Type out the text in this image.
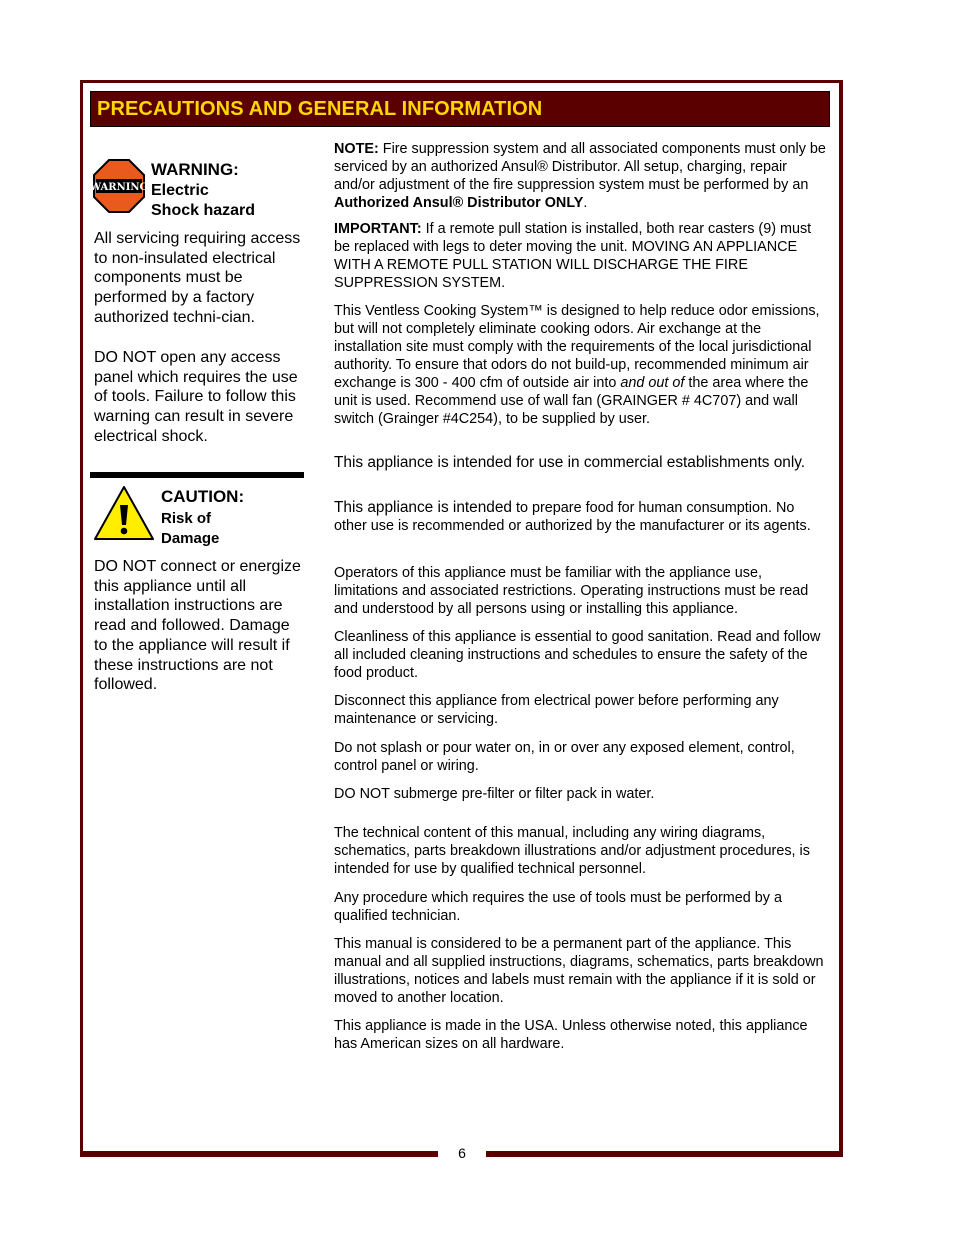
PRECAUTIONS AND GENERAL INFORMATION
WARNING
WARNING:
Electric
Shock hazard
All servicing requiring access to non-insulated electrical components must be performed by a factory authorized techni-cian.
DO NOT open any access panel which requires the use of tools. Failure to follow this warning can result in severe electrical shock.
CAUTION:
Risk of
Damage
DO NOT connect or energize this appliance until all installation instructions are read and followed. Damage to the appliance will result if these instructions are not followed.
NOTE: Fire suppression system and all associated components must only be serviced by an authorized Ansul® Distributor. All setup, charging, repair and/or adjustment of the fire suppression system must be performed by an Authorized Ansul® Distributor ONLY.
IMPORTANT: If a remote pull station is installed, both rear casters (9) must be replaced with legs to deter moving the unit. MOVING AN APPLIANCE WITH A REMOTE PULL STATION WILL DISCHARGE THE FIRE SUPPRESSION SYSTEM.
This Ventless Cooking System™ is designed to help reduce odor emissions, but will not completely eliminate cooking odors. Air exchange at the installation site must comply with the requirements of the local jurisdictional authority. To ensure that odors do not build-up, recommended minimum air exchange is 300 - 400 cfm of outside air into and out of the area where the unit is used. Recommend use of wall fan (GRAINGER # 4C707) and wall switch (Grainger #4C254), to be supplied by user.
This appliance is intended for use in commercial establishments only.
This appliance is intended to prepare food for human consumption. No other use is recommended or authorized by the manufacturer or its agents.
Operators of this appliance must be familiar with the appliance use, limitations and associated restrictions. Operating instructions must be read and understood by all persons using or installing this appliance.
Cleanliness of this appliance is essential to good sanitation. Read and follow all included cleaning instructions and schedules to ensure the safety of the food product.
Disconnect this appliance from electrical power before performing any maintenance or servicing.
Do not splash or pour water on, in or over any exposed element, control, control panel or wiring.
DO NOT submerge pre-filter or filter pack in water.
The technical content of this manual, including any wiring diagrams, schematics, parts breakdown illustrations and/or adjustment procedures, is intended for use by qualified technical personnel.
Any procedure which requires the use of tools must be performed by a qualified technician.
This manual is considered to be a permanent part of the appliance. This manual and all supplied instructions, diagrams, schematics, parts breakdown illustrations, notices and labels must remain with the appliance if it is sold or moved to another location.
This appliance is made in the USA. Unless otherwise noted, this appliance has American sizes on all hardware.
6
